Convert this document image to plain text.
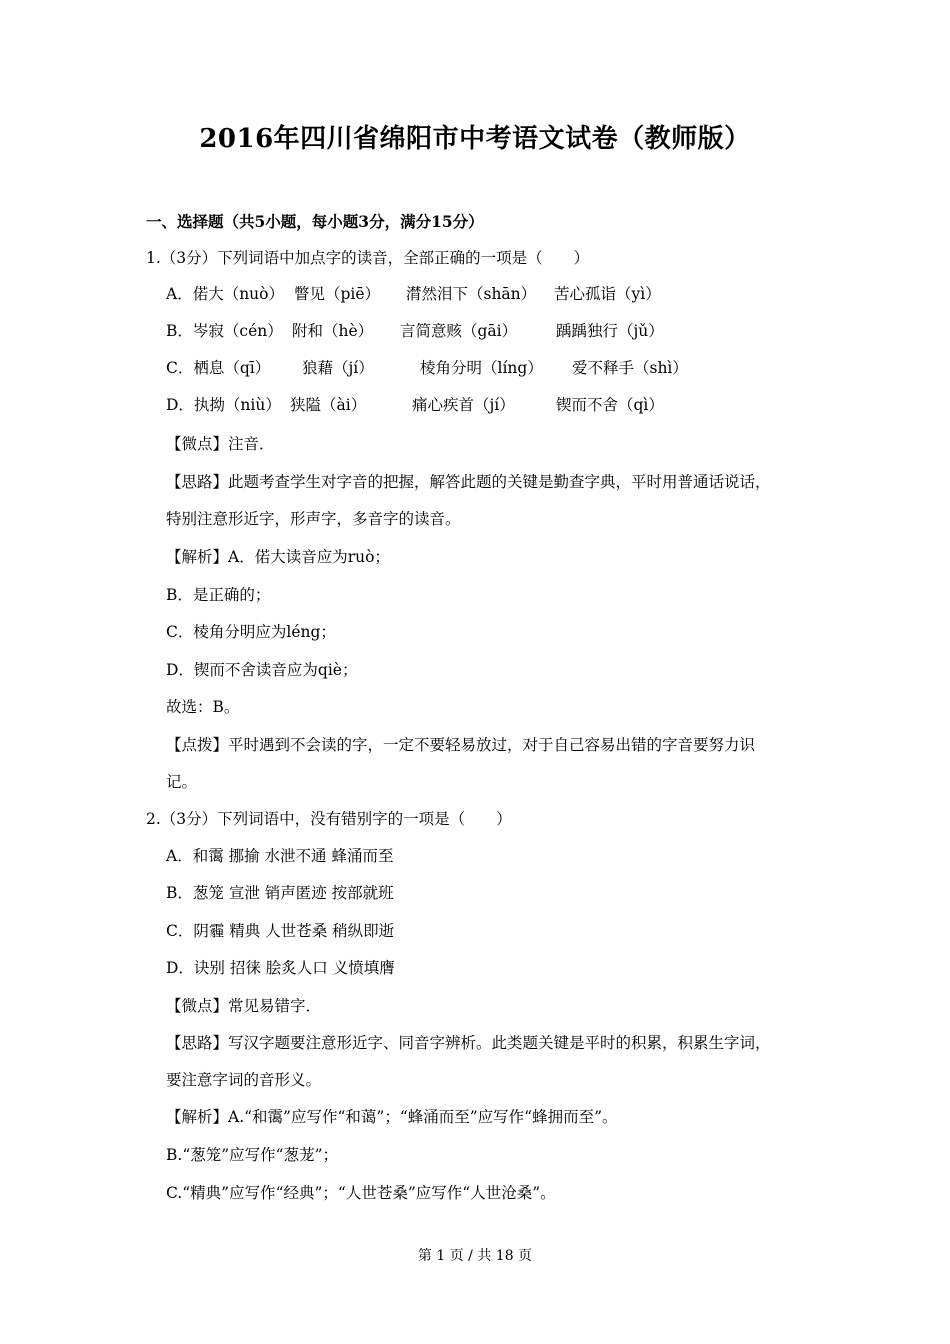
2016年四川省绵阳市中考语文试卷（教师版）
一、选择题（共5小题，每小题3分，满分15分）
1.（3分）下列词语中加点字的读音，全部正确的一项是（　　）
A．偌大（nuò） 瞥见（piē） 潸然泪下（shān） 苦心孤诣（yì）
B．岑寂（cén） 附和（hè） 言简意赅（gāi）	踽踽独行（jǔ）
C．栖息（qī） 狼藉（jí）	棱角分明（líng） 爱不释手（shì）
D．执拗（niù） 狭隘（ài）	痛心疾首（jí）	锲而不舍（qì）
【微点】注音．
【思路】此题考查学生对字音的把握，解答此题的关键是勤查字典，平时用普通话说话，
特别注意形近字，形声字，多音字的读音。
【解析】A．偌大读音应为ruò；
B．是正确的；
C．棱角分明应为léng；
D．锲而不舍读音应为qiè；
故选：B。
【点拨】平时遇到不会读的字，一定不要轻易放过，对于自己容易出错的字音要努力识
记。
2.（3分）下列词语中，没有错别字的一项是（　　）
A．和霭 挪揄 水泄不通 蜂涌而至
B．葱笼 宣泄 销声匿迹 按部就班
C．阴霾 精典 人世苍桑 稍纵即逝
D．诀别 招徕 脍炙人口 义愤填膺
【微点】常见易错字．
【思路】写汉字题要注意形近字、同音字辨析。此类题关键是平时的积累，积累生字词，
要注意字词的音形义。
【解析】A.“和霭”应写作“和蔼”；“蜂涌而至”应写作“蜂拥而至”。
B.“葱笼”应写作“葱茏”；
C.“精典”应写作“经典”；“人世苍桑”应写作“人世沧桑”。
第 1 页 / 共 18 页
